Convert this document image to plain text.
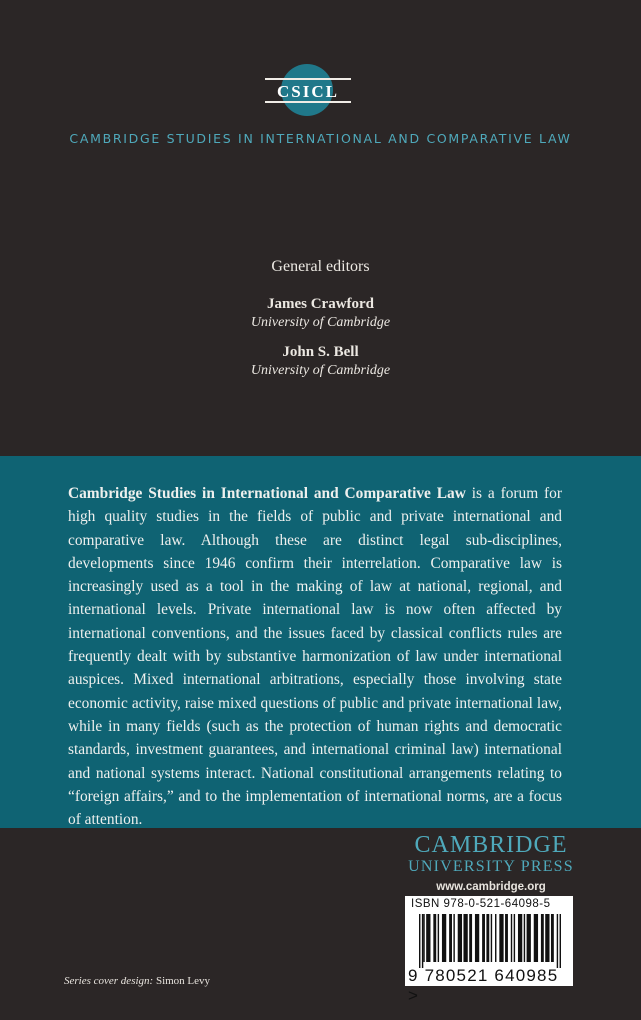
CSICL
CAMBRIDGE STUDIES IN INTERNATIONAL AND COMPARATIVE LAW
General editors
James Crawford
University of Cambridge
John S. Bell
University of Cambridge
Cambridge Studies in International and Comparative Law is a forum for high quality studies in the fields of public and private international and comparative law. Although these are distinct legal sub-disciplines, developments since 1946 confirm their interrelation. Comparative law is increasingly used as a tool in the making of law at national, regional, and international levels. Private international law is now often affected by international conventions, and the issues faced by classical conflicts rules are frequently dealt with by substantive harmonization of law under international auspices. Mixed international arbitrations, especially those involving state economic activity, raise mixed questions of public and private international law, while in many fields (such as the protection of human rights and democratic standards, investment guarantees, and international criminal law) international and national systems interact. National constitutional arrangements relating to “foreign affairs,” and to the implementation of international norms, are a focus of attention.
CAMBRIDGE
UNIVERSITY PRESS
www.cambridge.org
ISBN 978-0-521-64098-5
9 780521 640985 >
Series cover design: Simon Levy
